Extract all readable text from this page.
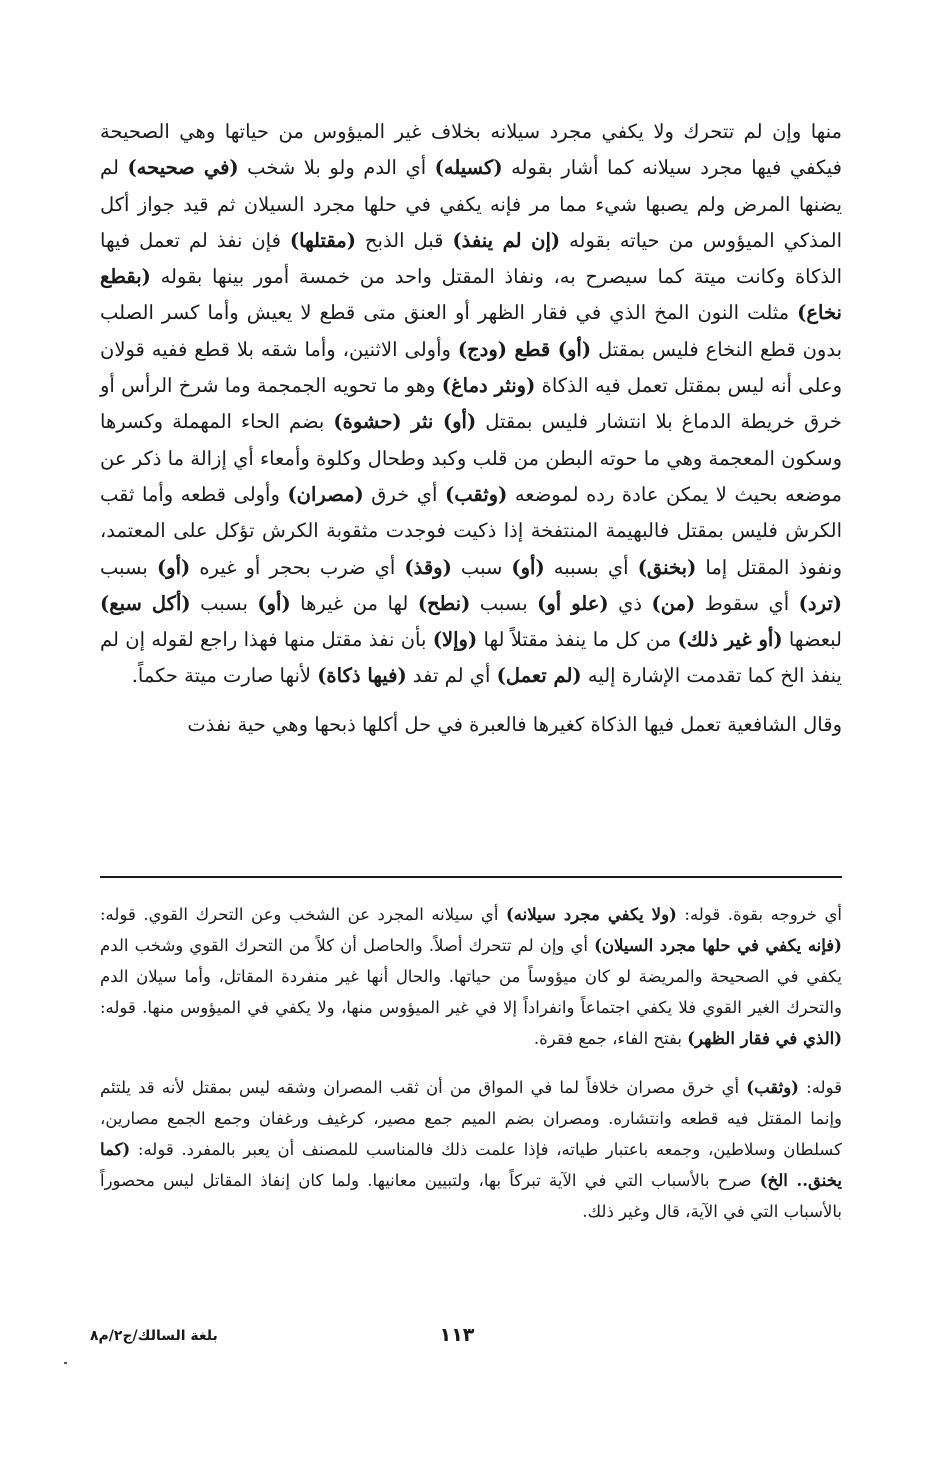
منها وإن لم تتحرك ولا يكفي مجرد سيلانه بخلاف غير الميؤوس من حياتها وهي الصحيحة فيكفي فيها مجرد سيلانه كما أشار بقوله (كسيله) أي الدم ولو بلا شخب (في صحيحه) لم يضنها المرض ولم يصبها شيء مما مر فإنه يكفي في حلها مجرد السيلان ثم قيد جواز أكل المذكي الميؤوس من حياته بقوله (إن لم ينفذ) قبل الذبح (مقتلها) فإن نفذ لم تعمل فيها الذكاة وكانت ميتة كما سيصرح به، ونفاذ المقتل واحد من خمسة أمور بينها بقوله (بقطع نخاع) مثلت النون المخ الذي في فقار الظهر أو العنق متى قطع لا يعيش وأما كسر الصلب بدون قطع النخاع فليس بمقتل (أو) قطع (ودج) وأولى الاثنين، وأما شقه بلا قطع ففيه قولان وعلى أنه ليس بمقتل تعمل فيه الذكاة (ونثر دماغ) وهو ما تحويه الجمجمة وما شرخ الرأس أو خرق خريطة الدماغ بلا انتشار فليس بمقتل (أو) نثر (حشوة) بضم الحاء المهملة وكسرها وسكون المعجمة وهي ما حوته البطن من قلب وكبد وطحال وكلوة وأمعاء أي إزالة ما ذكر عن موضعه بحيث لا يمكن عادة رده لموضعه (وثقب) أي خرق (مصران) وأولى قطعه وأما ثقب الكرش فليس بمقتل فالبهيمة المنتفخة إذا ذكيت فوجدت مثقوبة الكرش تؤكل على المعتمد، ونفوذ المقتل إما (بخنق) أي بسببه (أو) سبب (وقذ) أي ضرب بحجر أو غيره (أو) بسبب (ترد) أي سقوط (من) ذي (علو أو) بسبب (نطح) لها من غيرها (أو) بسبب (أكل سبع) لبعضها (أو غير ذلك) من كل ما ينفذ مقتلاً لها (وإلا) بأن نفذ مقتل منها فهذا راجع لقوله إن لم ينفذ الخ كما تقدمت الإشارة إليه (لم تعمل) أي لم تفد (فيها ذكاة) لأنها صارت ميتة حكماً.

وقال الشافعية تعمل فيها الذكاة كغيرها فالعبرة في حل أكلها ذبحها وهي حية نفذت

أي خروجه بقوة. قوله: (ولا يكفي مجرد سيلانه) أي سيلانه المجرد عن الشخب وعن التحرك القوي. قوله: (فإنه يكفي في حلها مجرد السيلان) أي وإن لم تتحرك أصلاً. والحاصل أن كلاً من التحرك القوي وشخب الدم يكفي في الصحيحة والمريضة لو كان ميؤوساً من حياتها. والحال أنها غير منفردة المقاتل، وأما سيلان الدم والتحرك الغير القوي فلا يكفي اجتماعاً وانفراداً إلا في غير الميؤوس منها، ولا يكفي في الميؤوس منها. قوله: (الذي في فقار الظهر) بفتح الفاء، جمع فقرة.

قوله: (وثقب) أي خرق مصران خلافاً لما في المواق من أن ثقب المصران وشقه ليس بمقتل لأنه قد يلتئم وإنما المقتل فيه قطعه وانتشاره. ومصران بضم الميم جمع مصير، كرغيف ورغفان وجمع الجمع مصارين، كسلطان وسلاطين، وجمعه باعتبار طياته، فإذا علمت ذلك فالمناسب للمصنف أن يعبر بالمفرد. قوله: (كما يخنق.. الخ) صرح بالأسباب التي في الآية تبركاً بها، ولتبيين معانيها. ولما كان إنفاذ المقاتل ليس محصوراً بالأسباب التي في الآية، قال وغير ذلك.

١١٣
بلغة السالك/ج٢/م٨
